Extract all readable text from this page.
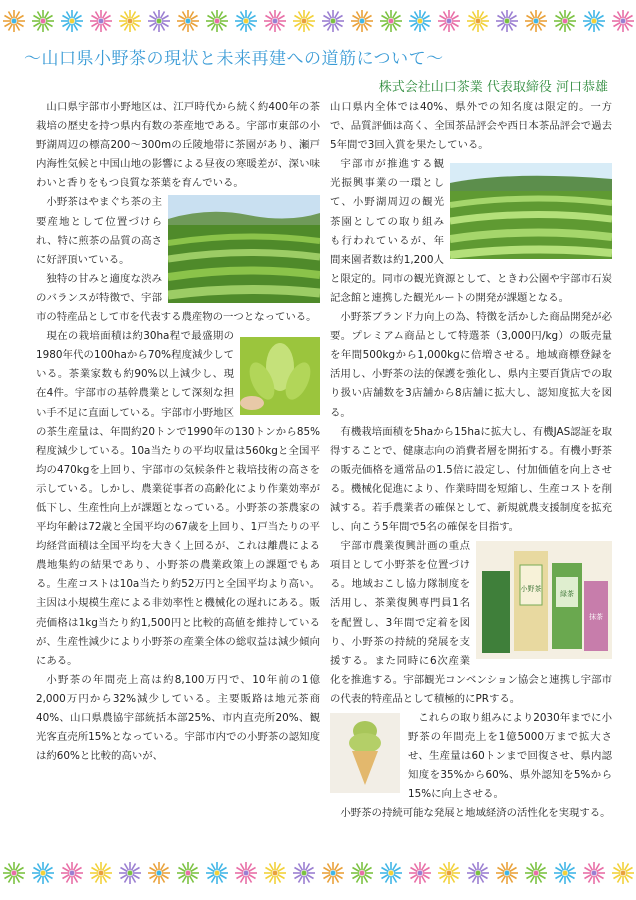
〜山口県小野茶の現状と未来再建への道筋について〜
株式会社山口茶業 代表取締役 河口恭雄

山口県宇部市小野地区は、江戸時代から続く約400年の茶栽培の歴史を持つ県内有数の茶産地である。宇部市東部の小野湖周辺の標高200〜300mの丘陵地帯に茶園があり、瀬戸内海性気候と中国山地の影響による昼夜の寒暖差が、深い味わいと香りをもつ良質な茶葉を育んでいる。

小野茶はやまぐち茶の主要産地として位置づけられ、特に煎茶の品質の高さに好評頂いている。

独特の甘みと適度な渋みのバランスが特徴で、宇部市の特産品として市を代表する農産物の一つとなっている。

現在の栽培面積は約30ha程で最盛期の1980年代の100haから70%程度減少している。茶業家数も約90%以上減少し、現在4件。宇部市の基幹農業として深刻な担い手不足に直面している。宇部市小野地区の茶生産量は、年間約20トンで1990年の130トンから85%程度減少している。10a当たりの平均収量は560kgと全国平均の470kgを上回り、宇部市の気候条件と栽培技術の高さを示している。しかし、農業従事者の高齢化により作業効率が低下し、生産性向上が課題となっている。小野茶の茶農家の平均年齢は72歳と全国平均の67歳を上回り、1戸当たりの平均経営面積は全国平均を大きく上回るが、これは離農による農地集約の結果であり、小野茶の農業政策上の課題でもある。生産コストは10a当たり約52万円と全国平均より高い。主因は小規模生産による非効率性と機械化の遅れにある。販売価格は1kg当たり約1,500円と比較的高値を維持しているが、生産性減少により小野茶の産業全体の総収益は減少傾向にある。

小野茶の年間売上高は約8,100万円で、10年前の1億2,000万円から32%減少している。主要販路は地元茶商40%、山口県農協宇部統括本部25%、市内直売所20%、観光客直売所15%となっている。宇部市内での小野茶の認知度は約60%と比較的高いが、

山口県内全体では40%、県外での知名度は限定的。一方で、品質評価は高く、全国茶品評会や西日本茶品評会で過去5年間で3回入賞を果たしている。

宇部市が推進する観光振興事業の一環として、小野湖周辺の観光茶園としての取り組みも行われているが、年間来園者数は約1,200人と限定的。同市の観光資源として、ときわ公園や宇部市石炭記念館と連携した観光ルートの開発が課題となる。

小野茶ブランド力向上の為、特徴を活かした商品開発が必要。プレミアム商品として特選茶（3,000円/kg）の販売量を年間500kgから1,000kgに倍増させる。地域商標登録を活用し、小野茶の法的保護を強化し、県内主要百貨店での取り扱い店舗数を3店舗から8店舗に拡大し、認知度拡大を図る。

有機栽培面積を5haから15haに拡大し、有機JAS認証を取得することで、健康志向の消費者層を開拓する。有機小野茶の販売価格を通常品の1.5倍に設定し、付加価値を向上させる。機械化促進により、作業時間を短縮し、生産コストを削減する。若手農業者の確保として、新規就農支援制度を拡充し、向こう5年間で5名の確保を目指す。

小野茶
緑茶
抹茶

宇部市農業復興計画の重点項目として小野茶を位置づける。地域おこし協力隊制度を活用し、茶業復興専門員1名を配置し、3年間で定着を図り、小野茶の持続的発展を支援する。また同時に6次産業化を推進する。宇部観光コンベンション協会と連携し宇部市の代表的特産品として積極的にPRする。

これらの取り組みにより2030年までに小野茶の年間売上を1億5000万まで拡大させ、生産量は60トンまで回復させ、県内認知度を35%から60%、県外認知を5%から15%に向上させる。

小野茶の持続可能な発展と地域経済の活性化を実現する。
